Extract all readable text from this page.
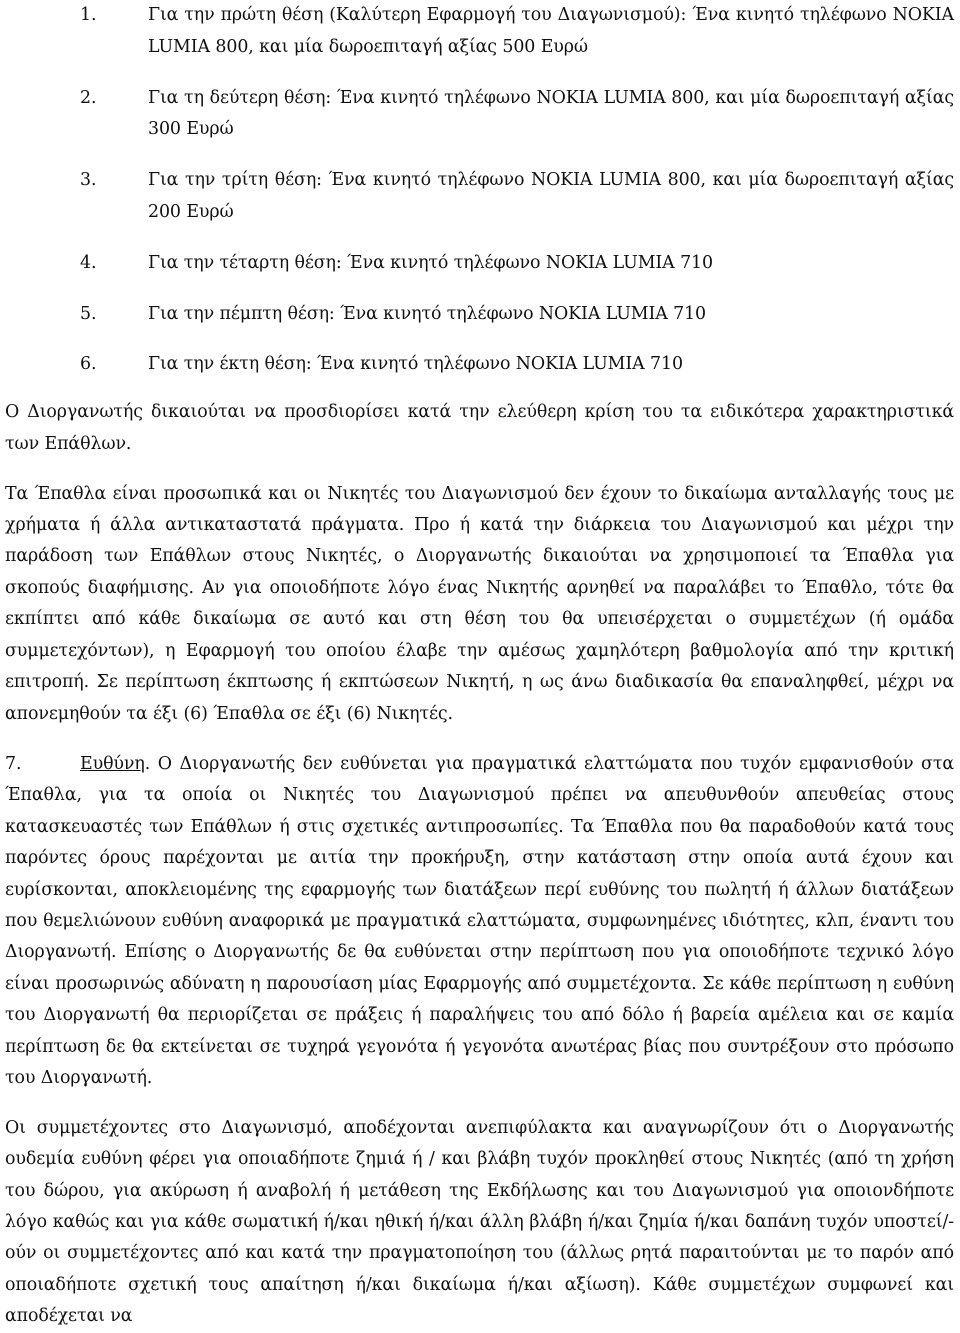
1.	Για την πρώτη θέση (Καλύτερη Εφαρμογή του Διαγωνισμού): Ένα κινητό τηλέφωνο NOKIA LUMIA 800, και μία δωροεπιταγή αξίας 500 Ευρώ
2.	Για τη δεύτερη θέση: Ένα κινητό τηλέφωνο NOKIA LUMIA 800, και μία δωροεπιταγή αξίας 300 Ευρώ
3.	Για την τρίτη θέση: Ένα κινητό τηλέφωνο NOKIA LUMIA 800, και μία δωροεπιταγή αξίας 200 Ευρώ
4.	Για την τέταρτη θέση: Ένα κινητό τηλέφωνο NOKIA LUMIA 710
5.	Για την πέμπτη θέση: Ένα κινητό τηλέφωνο NOKIA LUMIA 710
6.	Για την έκτη θέση: Ένα κινητό τηλέφωνο NOKIA LUMIA 710

Ο Διοργανωτής δικαιούται να προσδιορίσει κατά την ελεύθερη κρίση του τα ειδικότερα χαρακτηριστικά των Επάθλων.

Τα Έπαθλα είναι προσωπικά και οι Νικητές του Διαγωνισμού δεν έχουν το δικαίωμα ανταλλαγής τους με χρήματα ή άλλα αντικαταστατά πράγματα. Προ ή κατά την διάρκεια του Διαγωνισμού και μέχρι την παράδοση των Επάθλων στους Νικητές, ο Διοργανωτής δικαιούται να χρησιμοποιεί τα Έπαθλα για σκοπούς διαφήμισης. Αν για οποιοδήποτε λόγο ένας Νικητής αρνηθεί να παραλάβει το Έπαθλο, τότε θα εκπίπτει από κάθε δικαίωμα σε αυτό και στη θέση του θα υπεισέρχεται ο συμμετέχων (ή ομάδα συμμετεχόντων), η Εφαρμογή του οποίου έλαβε την αμέσως χαμηλότερη βαθμολογία από την κριτική επιτροπή. Σε περίπτωση έκπτωσης ή εκπτώσεων Νικητή, η ως άνω διαδικασία θα επαναληφθεί, μέχρι να απονεμηθούν τα έξι (6) Έπαθλα σε έξι (6) Νικητές.

7.	Ευθύνη. Ο Διοργανωτής δεν ευθύνεται για πραγματικά ελαττώματα που τυχόν εμφανισθούν στα Έπαθλα, για τα οποία οι Νικητές του Διαγωνισμού πρέπει να απευθυνθούν απευθείας στους κατασκευαστές των Επάθλων ή στις σχετικές αντιπροσωπίες. Τα Έπαθλα που θα παραδοθούν κατά τους παρόντες όρους παρέχονται με αιτία την προκήρυξη, στην κατάσταση στην οποία αυτά έχουν και ευρίσκονται, αποκλειομένης της εφαρμογής των διατάξεων περί ευθύνης του πωλητή ή άλλων διατάξεων που θεμελιώνουν ευθύνη αναφορικά με πραγματικά ελαττώματα, συμφωνημένες ιδιότητες, κλπ, έναντι του Διοργανωτή. Επίσης ο Διοργανωτής δε θα ευθύνεται στην περίπτωση που για οποιοδήποτε τεχνικό λόγο είναι προσωρινώς αδύνατη η παρουσίαση μίας Εφαρμογής από συμμετέχοντα. Σε κάθε περίπτωση η ευθύνη του Διοργανωτή θα περιορίζεται σε πράξεις ή παραλήψεις του από δόλο ή βαρεία αμέλεια και σε καμία περίπτωση δε θα εκτείνεται σε τυχηρά γεγονότα ή γεγονότα ανωτέρας βίας που συντρέξουν στο πρόσωπο του Διοργανωτή.

Οι συμμετέχοντες στο Διαγωνισμό, αποδέχονται ανεπιφύλακτα και αναγνωρίζουν ότι ο Διοργανωτής ουδεμία ευθύνη φέρει για οποιαδήποτε ζημιά ή / και βλάβη τυχόν προκληθεί στους Νικητές (από τη χρήση του δώρου, για ακύρωση ή αναβολή ή μετάθεση της Εκδήλωσης και του Διαγωνισμού για οποιονδήποτε λόγο καθώς και για κάθε σωματική ή/και ηθική ή/και άλλη βλάβη ή/και ζημία ή/και δαπάνη τυχόν υποστεί/-ούν οι συμμετέχοντες από και κατά την πραγματοποίηση του (άλλως ρητά παραιτούνται με το παρόν από οποιαδήποτε σχετική τους απαίτηση ή/και δικαίωμα ή/και αξίωση). Κάθε συμμετέχων συμφωνεί και αποδέχεται να
